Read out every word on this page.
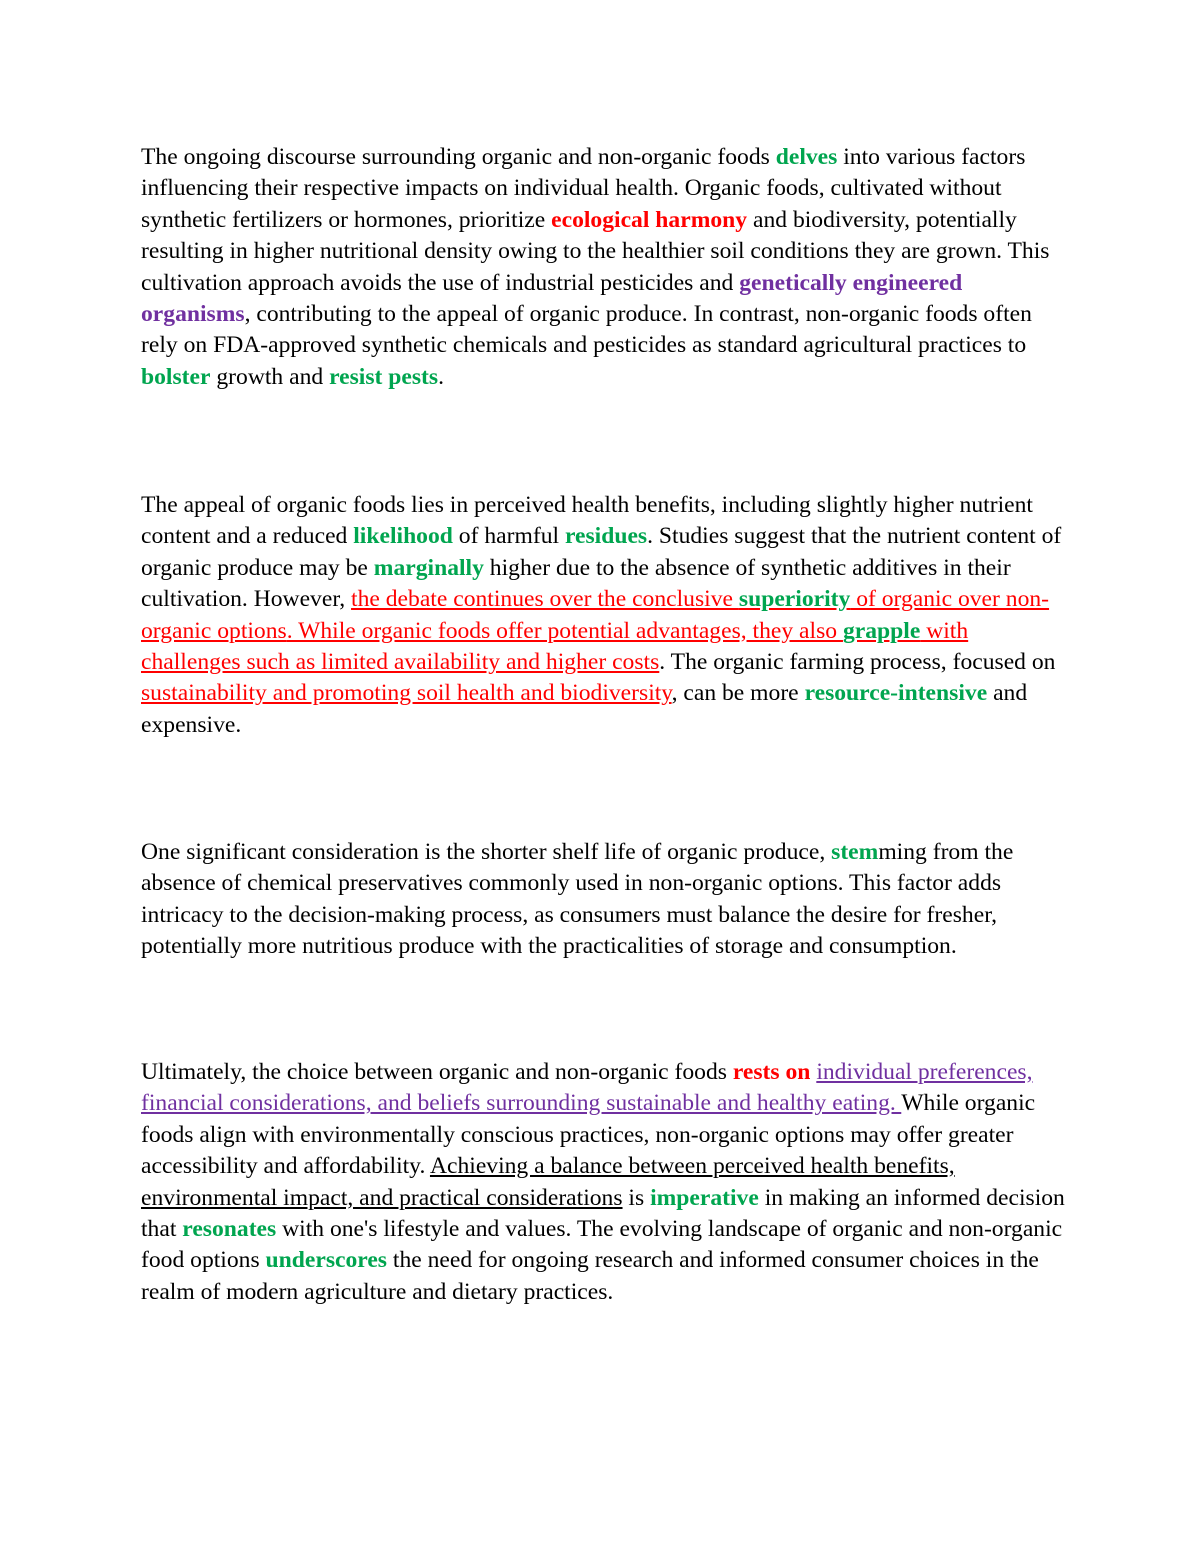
The ongoing discourse surrounding organic and non-organic foods delves into various factors influencing their respective impacts on individual health. Organic foods, cultivated without synthetic fertilizers or hormones, prioritize ecological harmony and biodiversity, potentially resulting in higher nutritional density owing to the healthier soil conditions they are grown. This cultivation approach avoids the use of industrial pesticides and genetically engineered organisms, contributing to the appeal of organic produce. In contrast, non-organic foods often rely on FDA-approved synthetic chemicals and pesticides as standard agricultural practices to bolster growth and resist pests.

The appeal of organic foods lies in perceived health benefits, including slightly higher nutrient content and a reduced likelihood of harmful residues. Studies suggest that the nutrient content of organic produce may be marginally higher due to the absence of synthetic additives in their cultivation. However, the debate continues over the conclusive superiority of organic over non-organic options. While organic foods offer potential advantages, they also grapple with challenges such as limited availability and higher costs. The organic farming process, focused on sustainability and promoting soil health and biodiversity, can be more resource-intensive and expensive.

One significant consideration is the shorter shelf life of organic produce, stemming from the absence of chemical preservatives commonly used in non-organic options. This factor adds intricacy to the decision-making process, as consumers must balance the desire for fresher, potentially more nutritious produce with the practicalities of storage and consumption.

Ultimately, the choice between organic and non-organic foods rests on individual preferences, financial considerations, and beliefs surrounding sustainable and healthy eating. While organic foods align with environmentally conscious practices, non-organic options may offer greater accessibility and affordability. Achieving a balance between perceived health benefits, environmental impact, and practical considerations is imperative in making an informed decision that resonates with one's lifestyle and values. The evolving landscape of organic and non-organic food options underscores the need for ongoing research and informed consumer choices in the realm of modern agriculture and dietary practices.
